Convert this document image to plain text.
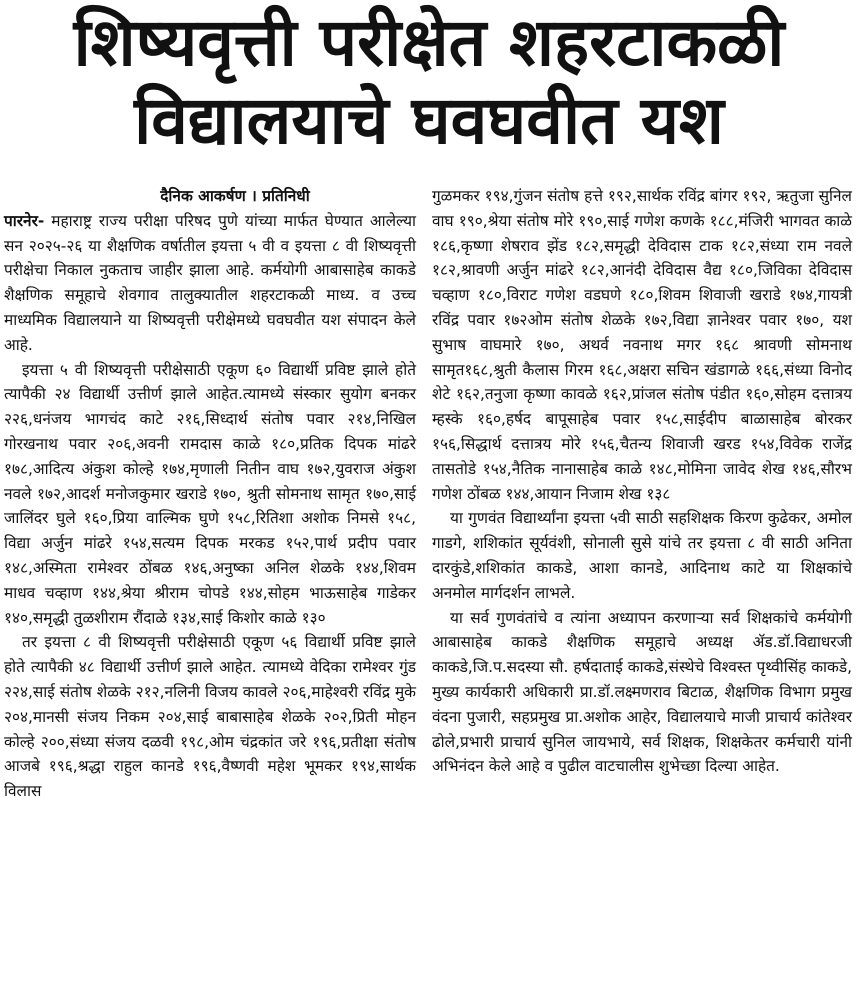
शिष्यवृत्ती परीक्षेत शहरटाकळी
विद्यालयाचे घवघवीत यश
दैनिक आकर्षण । प्रतिनिधी

पारनेर- महाराष्ट्र राज्य परीक्षा परिषद पुणे यांच्या मार्फत घेण्यात आलेल्या सन २०२५-२६ या शैक्षणिक वर्षातील इयत्ता ५ वी व इयत्ता ८ वी शिष्यवृत्ती परीक्षेचा निकाल नुकताच जाहीर झाला आहे. कर्मयोगी आबासाहेब काकडे शैक्षणिक समूहाचे शेवगाव तालुक्यातील शहरटाकळी माध्य. व उच्च माध्यमिक विद्यालयाने या शिष्यवृत्ती परीक्षेमध्ये घवघवीत यश संपादन केले आहे.

इयत्ता ५ वी शिष्यवृत्ती परीक्षेसाठी एकूण ६० विद्यार्थी प्रविष्ट झाले होते त्यापैकी २४ विद्यार्थी उत्तीर्ण झाले आहेत.त्यामध्ये संस्कार सुयोग बनकर २२६,धनंजय भागचंद काटे २१६,सिध्दार्थ संतोष पवार २१४,निखिल गोरखनाथ पवार २०६,अवनी रामदास काळे १८०,प्रतिक दिपक मांढरे १७८,आदित्य अंकुश कोल्हे १७४,मृणाली नितीन वाघ १७२,युवराज अंकुश नवले १७२,आदर्श मनोजकुमार खराडे १७०, श्रुती सोमनाथ सामृत १७०,साई जालिंदर घुले १६०,प्रिया वाल्मिक घुणे १५८,रितिशा अशोक निमसे १५८, विद्या अर्जुन मांढरे १५४,सत्यम दिपक मरकड १५२,पार्थ प्रदीप पवार १४८,अस्मिता रामेश्वर ठोंबळ १४६,अनुष्का अनिल शेळके १४४,शिवम माधव चव्हाण १४४,श्रेया श्रीराम चोपडे १४४,सोहम भाऊसाहेब गाडेकर १४०,समृद्धी तुळशीराम रौंदाळे १३४,साई किशोर काळे १३०

तर इयत्ता ८ वी शिष्यवृत्ती परीक्षेसाठी एकूण ५६ विद्यार्थी प्रविष्ट झाले होते त्यापैकी ४८ विद्यार्थी उत्तीर्ण झाले आहेत. त्यामध्ये वेदिका रामेश्वर गुंड २२४,साई संतोष शेळके २१२,नलिनी विजय कावले २०६,माहेश्वरी रविंद्र मुके २०४,मानसी संजय निकम २०४,साई बाबासाहेब शेळके २०२,प्रिती मोहन कोल्हे २००,संध्या संजय दळवी १९८,ओम चंद्रकांत जरे १९६,प्रतीक्षा संतोष आजबे १९६,श्रद्धा राहुल कानडे १९६,वैष्णवी महेश भूमकर १९४,सार्थक विलास

गुळमकर १९४,गुंजन संतोष हत्ते १९२,सार्थक रविंद्र बांगर १९२, ऋतुजा सुनिल वाघ १९०,श्रेया संतोष मोरे १९०,साई गणेश कणके १८८,मंजिरी भागवत काळे १८६,कृष्णा शेषराव झेंड १८२,समृद्धी देविदास टाक १८२,संध्या राम नवले १८२,श्रावणी अर्जुन मांढरे १८२,आनंदी देविदास वैद्य १८०,जिविका देविदास चव्हाण १८०,विराट गणेश वडघणे १८०,शिवम शिवाजी खराडे १७४,गायत्री रविंद्र पवार १७२ओम संतोष शेळके १७२,विद्या ज्ञानेश्वर पवार १७०, यश सुभाष वाघमारे १७०, अथर्व नवनाथ मगर १६८ श्रावणी सोमनाथ सामृत१६८,श्रुती कैलास गिरम १६८,अक्षरा सचिन खंडागळे १६६,संध्या विनोद शेटे १६२,तनुजा कृष्णा कावळे १६२,प्रांजल संतोष पंडीत १६०,सोहम दत्तात्रय म्हस्के १६०,हर्षद बापूसाहेब पवार १५८,साईदीप बाळासाहेब बोरकर १५६,सिद्धार्थ दत्तात्रय मोरे १५६,चैतन्य शिवाजी खरड १५४,विवेक राजेंद्र तासतोडे १५४,नैतिक नानासाहेब काळे १४८,मोमिना जावेद शेख १४६,सौरभ गणेश ठोंबळ १४४,आयान निजाम शेख १३८

या गुणवंत विद्यार्थ्यांना इयत्ता ५वी साठी सहशिक्षक किरण कुढेकर, अमोल गाडगे, शशिकांत सूर्यवंशी, सोनाली सुसे यांचे तर इयत्ता ८ वी साठी अनिता दारकुंडे,शशिकांत काकडे, आशा कानडे, आदिनाथ काटे या शिक्षकांचे अनमोल मार्गदर्शन लाभले.

या सर्व गुणवंतांचे व त्यांना अध्यापन करणाऱ्या सर्व शिक्षकांचे कर्मयोगी आबासाहेब काकडे शैक्षणिक समूहाचे अध्यक्ष ॲड.डॉ.विद्याधरजी काकडे,जि.प.सदस्या सौ. हर्षदाताई काकडे,संस्थेचे विश्वस्त पृथ्वीसिंह काकडे, मुख्य कार्यकारी अधिकारी प्रा.डॉ.लक्ष्मणराव बिटाळ, शैक्षणिक विभाग प्रमुख वंदना पुजारी, सहप्रमुख प्रा.अशोक आहेर, विद्यालयाचे माजी प्राचार्य कांतेश्वर ढोले,प्रभारी प्राचार्य सुनिल जायभाये, सर्व शिक्षक, शिक्षकेतर कर्मचारी यांनी अभिनंदन केले आहे व पुढील वाटचालीस शुभेच्छा दिल्या आहेत.
